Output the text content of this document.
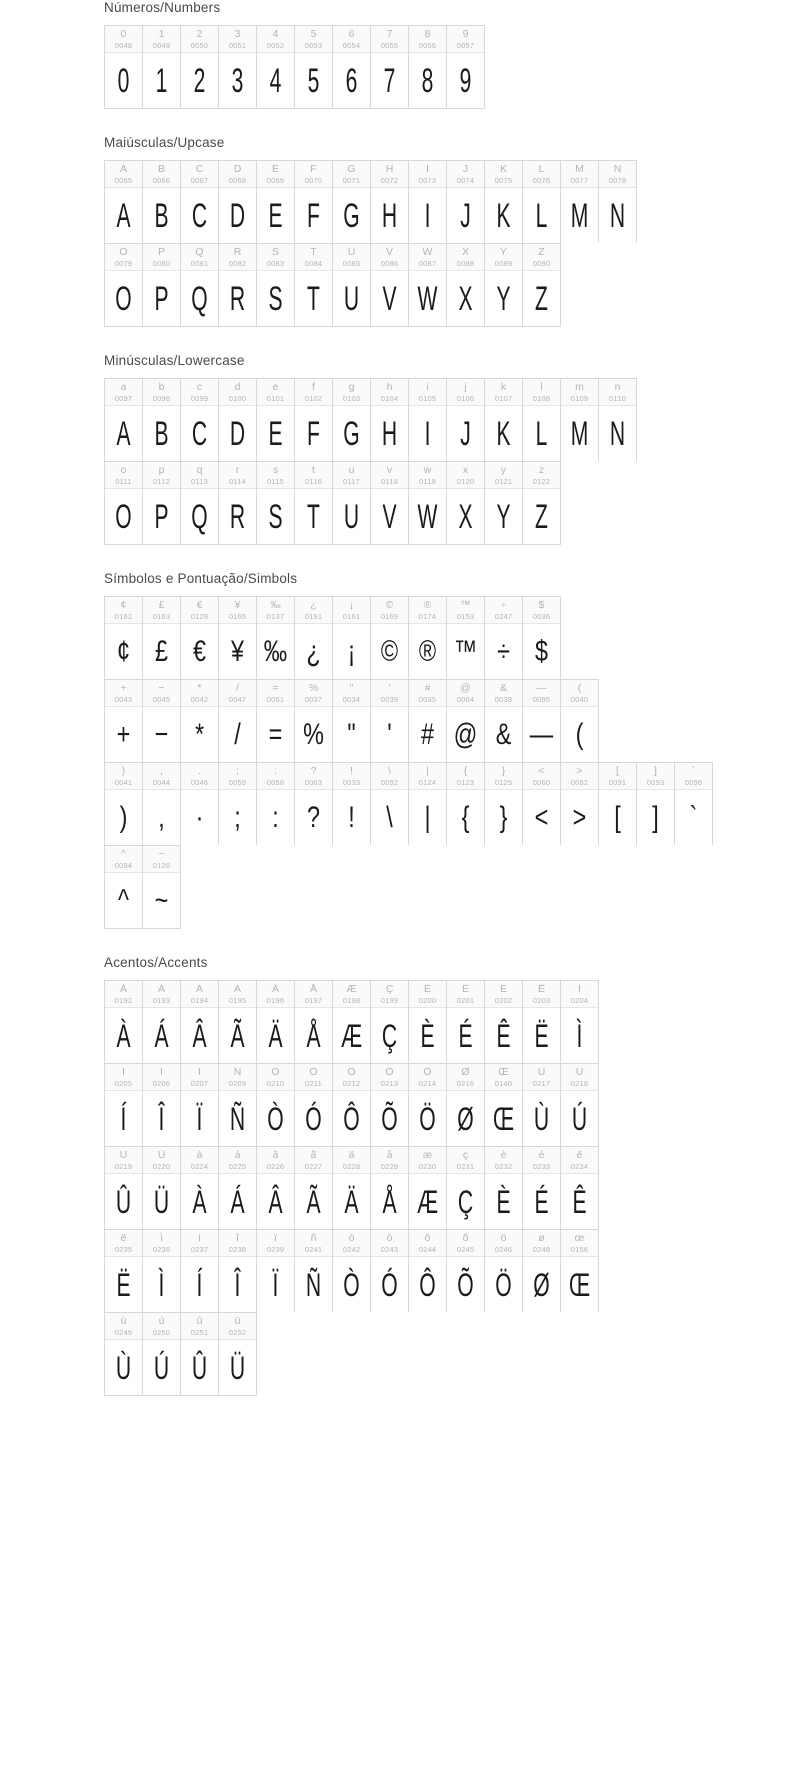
Números/Numbers
0
0048
0
1
0049
1
2
0050
2
3
0051
3
4
0052
4
5
0053
5
6
0054
6
7
0055
7
8
0056
8
9
0057
9
Maiúsculas/Upcase
A
0065
A
B
0066
B
C
0067
C
D
0068
D
E
0069
E
F
0070
F
G
0071
G
H
0072
H
I
0073
I
J
0074
J
K
0075
K
L
0076
L
M
0077
M
N
0078
N
O
0079
O
P
0080
P
Q
0081
Q
R
0082
R
S
0083
S
T
0084
T
U
0085
U
V
0086
V
W
0087
W
X
0088
X
Y
0089
Y
Z
0090
Z
Minúsculas/Lowercase
a
0097
A
b
0098
B
c
0099
C
d
0100
D
e
0101
E
f
0102
F
g
0103
G
h
0104
H
i
0105
I
j
0106
J
k
0107
K
l
0108
L
m
0109
M
n
0110
N
o
0111
O
p
0112
P
q
0113
Q
r
0114
R
s
0115
S
t
0116
T
u
0117
U
v
0118
V
w
0119
W
x
0120
X
y
0121
Y
z
0122
Z
Símbolos e Pontuação/Simbols
¢
0162
¢
£
0163
£
€
0128
€
¥
0165
¥
‰
0137
‰
¿
0191
¿
¡
0161
¡
©
0169
©
®
0174
®
™
0153
™
÷
0247
÷
$
0036
$
+
0043
+
−
0045
−
*
0042
*
/
0047
/
=
0061
=
%
0037
%
"
0034
"
'
0039
'
#
0035
#
@
0064
@
&
0038
&
—
0095
—
(
0040
(
)
0041
)
,
0044
,
.
0046
·
;
0059
;
:
0058
:
?
0063
?
!
0033
!
\
0092
\
|
0124
|
{
0123
{
}
0125
}
<
0060
<
>
0062
>
[
0091
[
]
0093
]
`
0096
`
^
0094
^
~
0126
~
Acentos/Accents
À
0192
À
Á
0193
Á
Â
0194
Â
Ã
0195
Ã
Ä
0196
Ä
Å
0197
Å
Æ
0198
Æ
Ç
0199
Ç
È
0200
È
É
0201
É
Ê
0202
Ê
Ë
0203
Ë
Ì
0204
Ì
Í
0205
Í
Î
0206
Î
Ï
0207
Ï
Ñ
0209
Ñ
Ò
0210
Ò
Ó
0211
Ó
Ô
0212
Ô
Õ
0213
Õ
Ö
0214
Ö
Ø
0216
Ø
Œ
0140
Œ
Ù
0217
Ù
Ú
0218
Ú
Û
0219
Û
Ü
0220
Ü
à
0224
À
á
0225
Á
â
0226
Â
ã
0227
Ã
ä
0228
Ä
å
0229
Å
æ
0230
Æ
ç
0231
Ç
è
0232
È
é
0233
É
ê
0234
Ê
ë
0235
Ë
ì
0236
Ì
í
0237
Í
î
0238
Î
ï
0239
Ï
ñ
0241
Ñ
ò
0242
Ò
ó
0243
Ó
ô
0244
Ô
õ
0245
Õ
ö
0246
Ö
ø
0248
Ø
œ
0156
Œ
ù
0249
Ù
ú
0250
Ú
û
0251
Û
ü
0252
Ü
